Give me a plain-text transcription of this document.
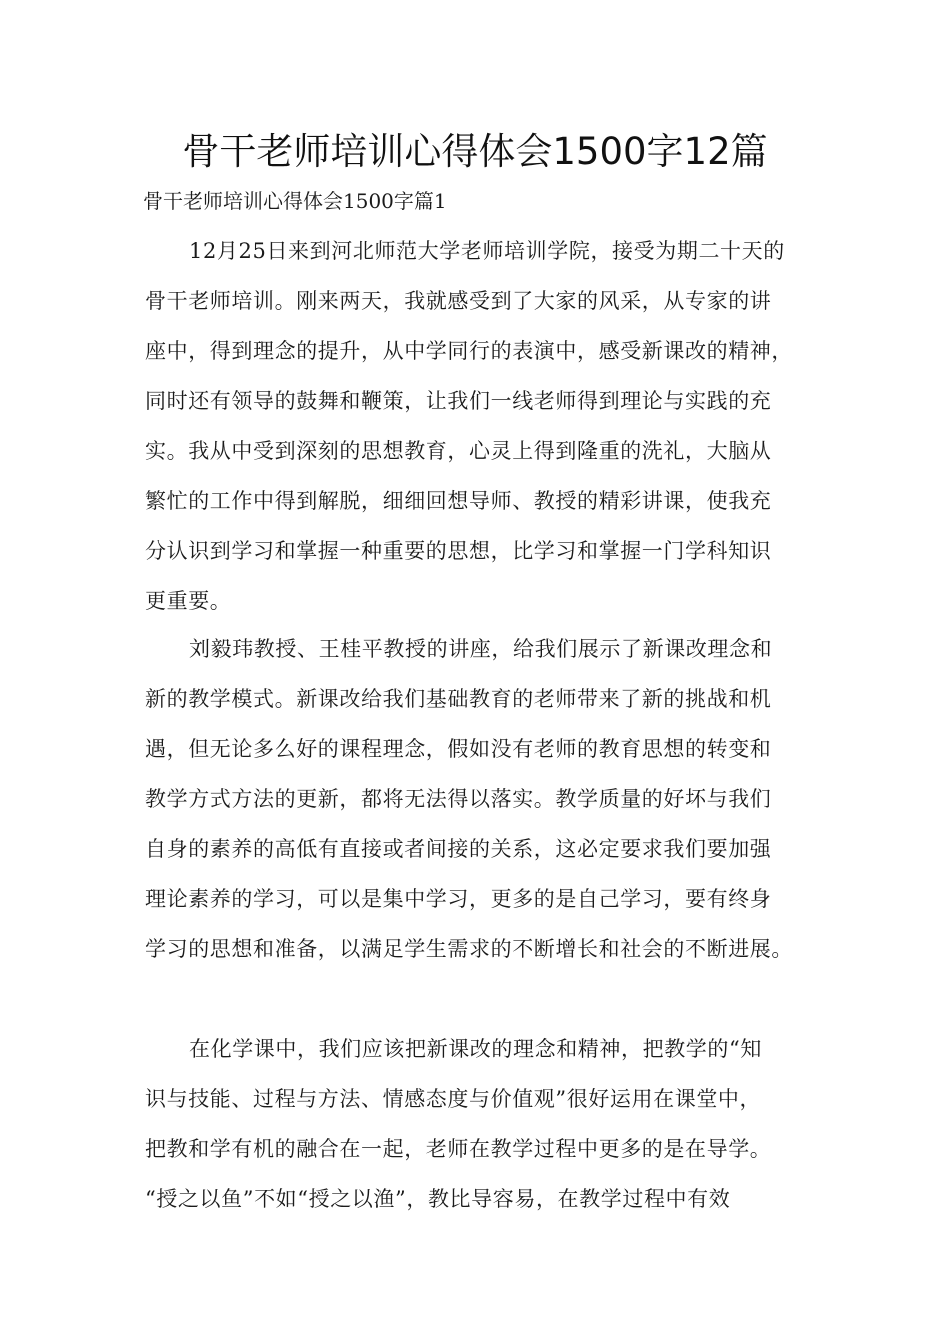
骨干老师培训心得体会1500字12篇
骨干老师培训心得体会1500字篇1
12月25日来到河北师范大学老师培训学院，接受为期二十天的
骨干老师培训。刚来两天，我就感受到了大家的风采，从专家的讲
座中，得到理念的提升，从中学同行的表演中，感受新课改的精神，
同时还有领导的鼓舞和鞭策，让我们一线老师得到理论与实践的充
实。我从中受到深刻的思想教育，心灵上得到隆重的洗礼，大脑从
繁忙的工作中得到解脱，细细回想导师、教授的精彩讲课，使我充
分认识到学习和掌握一种重要的思想，比学习和掌握一门学科知识
更重要。
刘毅玮教授、王桂平教授的讲座，给我们展示了新课改理念和
新的教学模式。新课改给我们基础教育的老师带来了新的挑战和机
遇，但无论多么好的课程理念，假如没有老师的教育思想的转变和
教学方式方法的更新，都将无法得以落实。教学质量的好坏与我们
自身的素养的高低有直接或者间接的关系，这必定要求我们要加强
理论素养的学习，可以是集中学习，更多的是自己学习，要有终身
学习的思想和准备，以满足学生需求的不断增长和社会的不断进展。
在化学课中，我们应该把新课改的理念和精神，把教学的“知
识与技能、过程与方法、情感态度与价值观”很好运用在课堂中，
把教和学有机的融合在一起，老师在教学过程中更多的是在导学。
“授之以鱼”不如“授之以渔”，教比导容易，在教学过程中有效
